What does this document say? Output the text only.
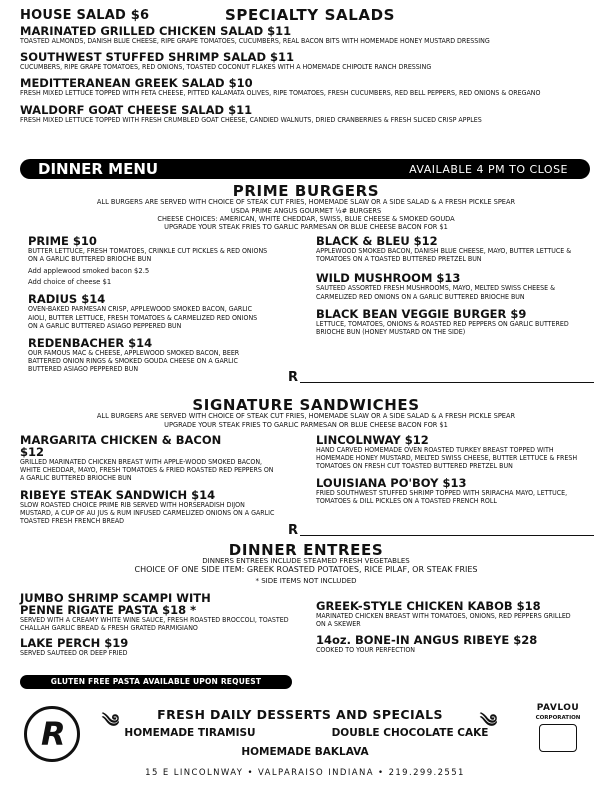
HOUSE SALAD $6	SPECIALTY SALADS
MARINATED GRILLED CHICKEN SALAD $11
TOASTED ALMONDS, DANISH BLUE CHEESE, RIPE GRAPE TOMATOES, CUCUMBERS, REAL BACON BITS WITH HOMEMADE HONEY MUSTARD DRESSING
SOUTHWEST STUFFED SHRIMP SALAD $11
CUCUMBERS, RIPE GRAPE TOMATOES, RED ONIONS, TOASTED COCONUT FLAKES WITH A HOMEMADE CHIPOLTE RANCH DRESSING
MEDITTERANEAN GREEK SALAD $10
FRESH MIXED LETTUCE TOPPED WITH FETA CHEESE, PITTED KALAMATA OLIVES, RIPE TOMATOES, FRESH CUCUMBERS, RED BELL PEPPERS, RED ONIONS & OREGANO
WALDORF GOAT CHEESE SALAD $11
FRESH MIXED LETTUCE TOPPED WITH FRESH CRUMBLED GOAT CHEESE, CANDIED WALNUTS, DRIED CRANBERRIES & FRESH SLICED CRISP APPLES
DINNER MENU	AVAILABLE 4 PM TO CLOSE
PRIME BURGERS
ALL BURGERS ARE SERVED WITH CHOICE OF STEAK CUT FRIES, HOMEMADE SLAW OR A SIDE SALAD & A FRESH PICKLE SPEAR
USDA PRIME ANGUS GOURMET ½# BURGERS
CHEESE CHOICES: AMERICAN, WHITE CHEDDAR, SWISS, BLUE CHEESE & SMOKED GOUDA
UPGRADE YOUR STEAK FRIES TO GARLIC PARMESAN OR BLUE CHEESE BACON FOR $1
PRIME $10
BUTTER LETTUCE, FRESH TOMATOES, CRINKLE CUT PICKLES & RED ONIONS ON A GARLIC BUTTERED BRIOCHE BUN
Add applewood smoked bacon $2.5
Add choice of cheese $1
RADIUS $14
OVEN-BAKED PARMESAN CRISP, APPLEWOOD SMOKED BACON, GARLIC AIOLI, BUTTER LETTUCE, FRESH TOMATOES & CARMELIZED RED ONIONS ON A GARLIC BUTTERED ASIAGO PEPPERED BUN
REDENBACHER $14
OUR FAMOUS MAC & CHEESE, APPLEWOOD SMOKED BACON, BEER BATTERED ONION RINGS & SMOKED GOUDA CHEESE ON A GARLIC BUTTERED ASIAGO PEPPERED BUN
BLACK & BLEU $12
APPLEWOOD SMOKED BACON, DANISH BLUE CHEESE, MAYO, BUTTER LETTUCE & TOMATOES ON A TOASTED BUTTERED PRETZEL BUN
WILD MUSHROOM $13
SAUTEED ASSORTED FRESH MUSHROOMS, MAYO, MELTED SWISS CHEESE & CARMELIZED RED ONIONS ON A GARLIC BUTTERED BRIOCHE BUN
BLACK BEAN VEGGIE BURGER $9
LETTUCE, TOMATOES, ONIONS & ROASTED RED PEPPERS ON GARLIC BUTTERED BRIOCHE BUN (HONEY MUSTARD ON THE SIDE)
R
SIGNATURE SANDWICHES
ALL BURGERS ARE SERVED WITH CHOICE OF STEAK CUT FRIES, HOMEMADE SLAW OR A SIDE SALAD & A FRESH PICKLE SPEAR
UPGRADE YOUR STEAK FRIES TO GARLIC PARMESAN OR BLUE CHEESE BACON FOR $1
MARGARITA CHICKEN & BACON $12
GRILLED MARINATED CHICKEN BREAST WITH APPLE-WOOD SMOKED BACON, WHITE CHEDDAR, MAYO, FRESH TOMATOES & FRIED ROASTED RED PEPPERS ON A GARLIC BUTTERED BRIOCHE BUN
RIBEYE STEAK SANDWICH $14
SLOW ROASTED CHOICE PRIME RIB SERVED WITH HORSERADISH DIJON MUSTARD, A CUP OF AU JUS & RUM INFUSED CARMELIZED ONIONS ON A GARLIC TOASTED FRESH FRENCH BREAD
LINCOLNWAY $12
HAND CARVED HOMEMADE OVEN ROASTED TURKEY BREAST TOPPED WITH HOMEMADE HONEY MUSTARD, MELTED SWISS CHEESE, BUTTER LETTUCE & FRESH TOMATOES ON FRESH CUT TOASTED BUTTERED PRETZEL BUN
LOUISIANA PO'BOY $13
FRIED SOUTHWEST STUFFED SHRIMP TOPPED WITH SRIRACHA MAYO, LETTUCE, TOMATOES & DILL PICKLES ON A TOASTED FRENCH ROLL
R
DINNER ENTREES
DINNERS ENTREES INCLUDE STEAMED FRESH VEGETABLES
CHOICE OF ONE SIDE ITEM: GREEK ROASTED POTATOES, RICE PILAF, OR STEAK FRIES
* SIDE ITEMS NOT INCLUDED
JUMBO SHRIMP SCAMPI WITH PENNE RIGATE PASTA $18 *
SERVED WITH A CREAMY WHITE WINE SAUCE, FRESH ROASTED BROCCOLI, TOASTED CHALLAH GARLIC BREAD & FRESH GRATED PARMIGIANO
LAKE PERCH $19
SERVED SAUTEED OR DEEP FRIED
GREEK-STYLE CHICKEN KABOB $18
MARINATED CHICKEN BREAST WITH TOMATOES, ONIONS, RED PEPPERS GRILLED ON A SKEWER
14oz. BONE-IN ANGUS RIBEYE $28
COOKED TO YOUR PERFECTION
GLUTEN FREE PASTA AVAILABLE UPON REQUEST
༄	༄
FRESH DAILY DESSERTS AND SPECIALS
HOMEMADE TIRAMISU	DOUBLE CHOCOLATE CAKE
HOMEMADE BAKLAVA
R
PAVLOU
CORPORATION
15 E LINCOLNWAY • VALPARAISO INDIANA • 219.299.2551
